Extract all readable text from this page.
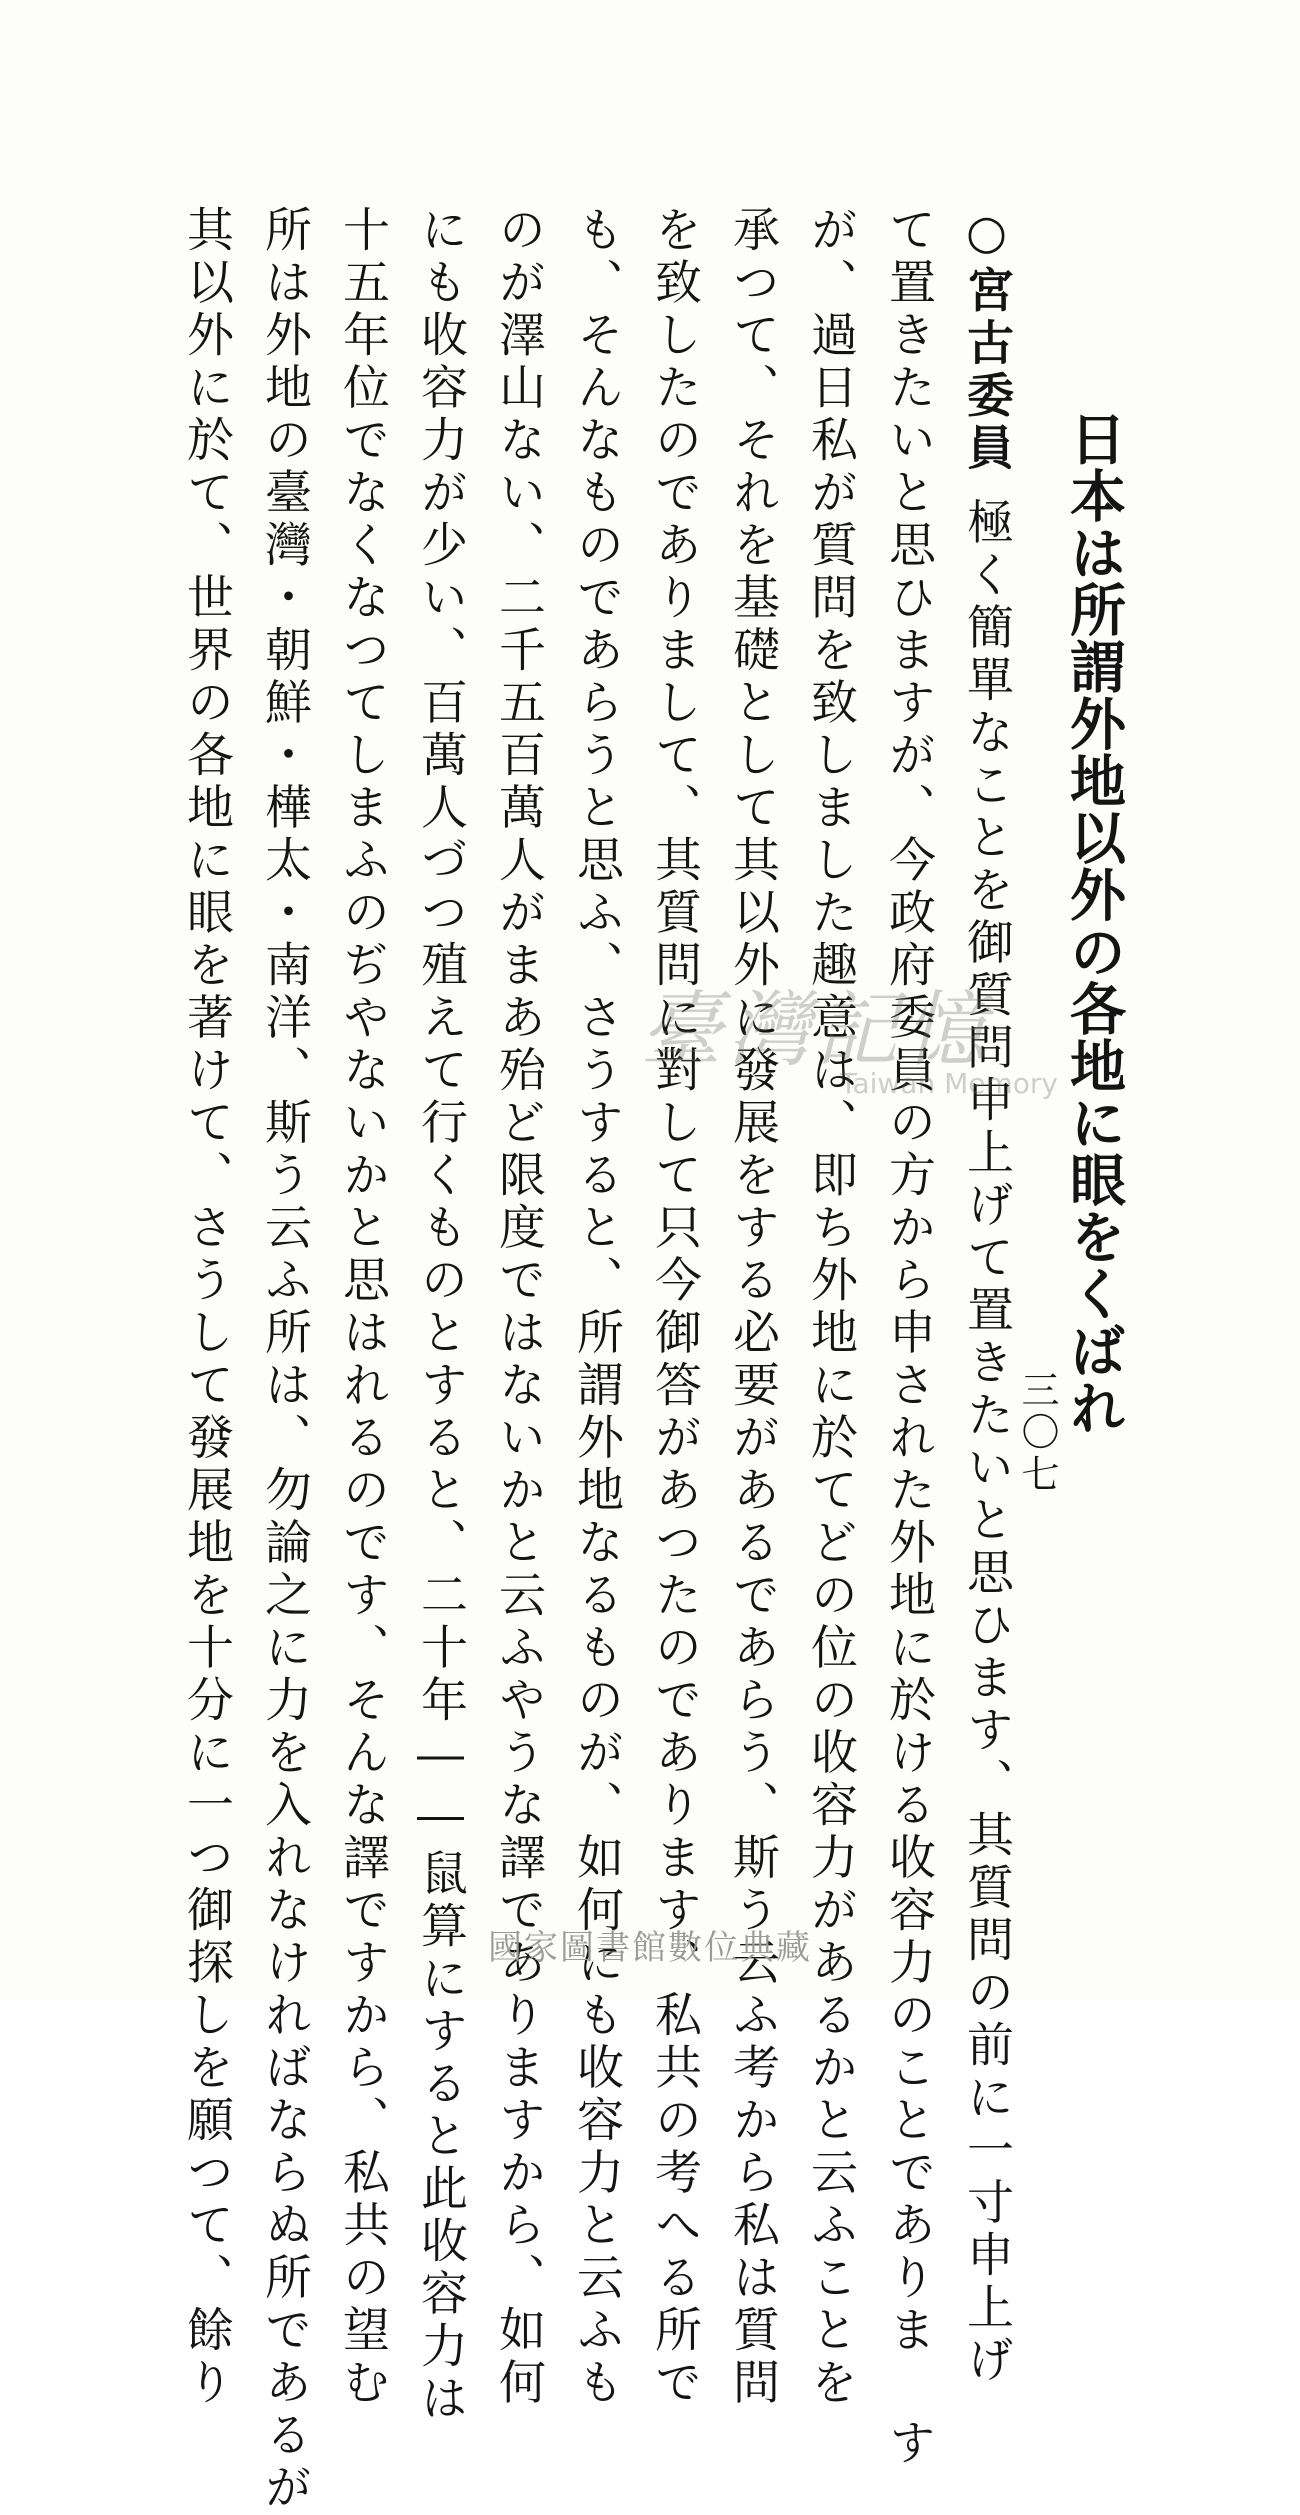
日本は所謂外地以外の各地に眼をくばれ
○宮古委員極く簡單なことを御質問申上げて置きたいと思ひます、其質問の前に一寸申上げ
て置きたいと思ひますが、今政府委員の方から申された外地に於ける收容力のことでありま す
が、過日私が質問を致しました趣意は、即ち外地に於てどの位の收容力があるかと云ふことを
承つて、それを基礎として其以外に發展をする必要があるであらう、斯う云ふ考から私は質問
を致したのでありまして、其質問に對して只今御答があつたのであります、私共の考へる所で
も、そんなものであらうと思ふ、さうすると、所謂外地なるものが、如何にも收容力と云ふも
のが澤山ない、二千五百萬人がまあ殆ど限度ではないかと云ふやうな譯でありますから、如何
にも收容力が少い、百萬人づつ殖えて行くものとすると、二十年――鼠算にすると此收容力は
十五年位でなくなつてしまふのぢやないかと思はれるのです、そんな譯ですから、私共の望む
所は外地の臺灣・朝鮮・樺太・南洋、斯う云ふ所は、勿論之に力を入れなければならぬ所であるが
其以外に於て、世界の各地に眼を著けて、さうして發展地を十分に一つ御探しを願つて、餘り	三〇七
臺灣記憶
Taiwan Memory
國家圖書館數位典藏
